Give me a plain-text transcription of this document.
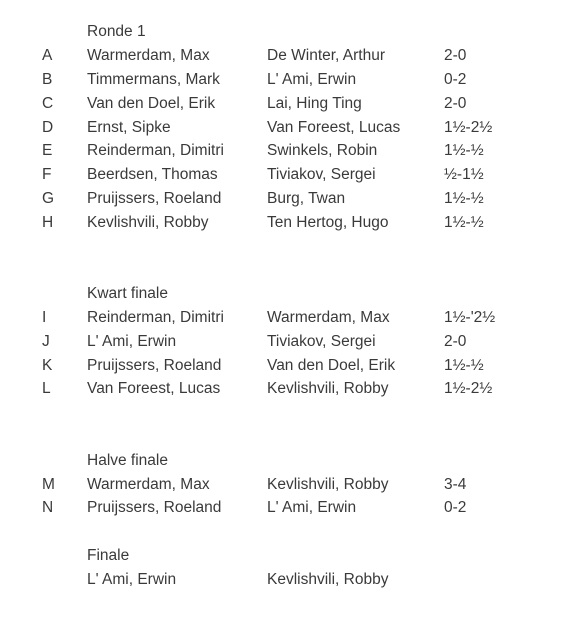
Ronde 1
A Warmerdam, Max	De Winter, Arthur	2-0
B Timmermans, Mark	L' Ami, Erwin	0-2
C Van den Doel, Erik	Lai, Hing Ting	2-0
D Ernst, Sipke	Van Foreest, Lucas	1½-2½
E Reinderman, Dimitri	Swinkels, Robin	1½-½
F Beerdsen, Thomas	Tiviakov, Sergei	½-1½
G Pruijssers, Roeland	Burg, Twan	1½-½
H Kevlishvili, Robby	Ten Hertog, Hugo	1½-½
Kwart finale
I	Reinderman, Dimitri	Warmerdam, Max	1½-'2½
J L' Ami, Erwin	Tiviakov, Sergei	2-0
K Pruijssers, Roeland	Van den Doel, Erik	1½-½
L Van Foreest, Lucas	Kevlishvili, Robby	1½-2½
Halve finale
M Warmerdam, Max	Kevlishvili, Robby	3-4
N Pruijssers, Roeland	L' Ami, Erwin	0-2
Finale
L' Ami, Erwin	Kevlishvili, Robby
